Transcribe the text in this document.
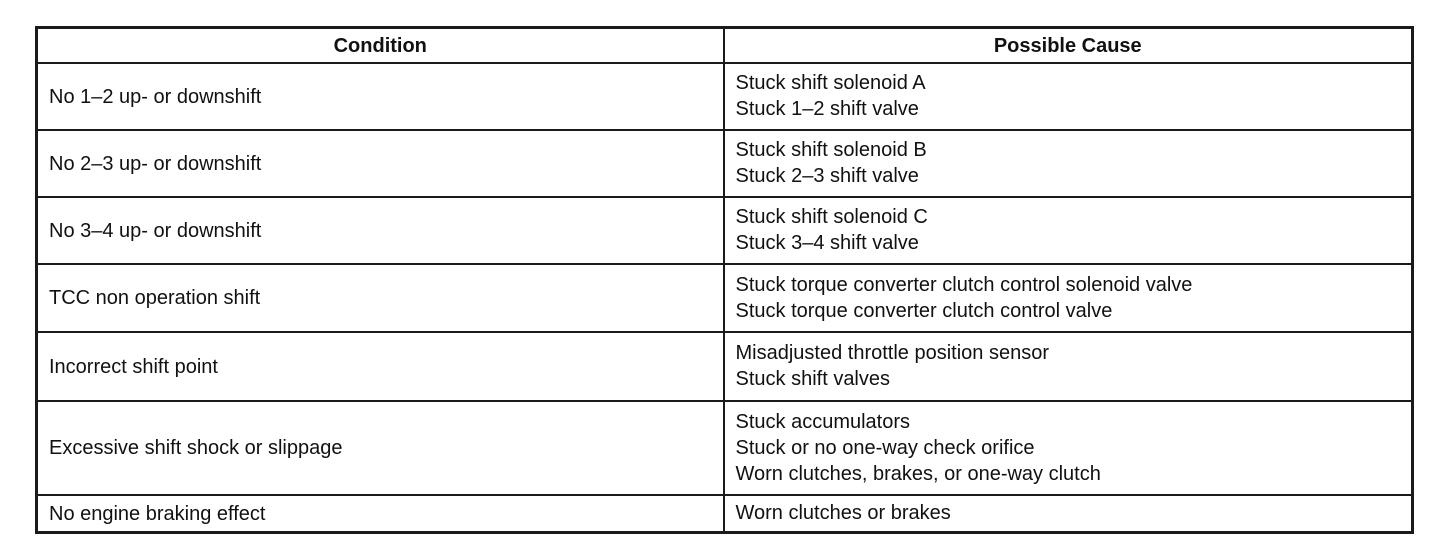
Condition	Possible Cause
No 1–2 up- or downshift	Stuck shift solenoid A
Stuck 1–2 shift valve

No 2–3 up- or downshift	Stuck shift solenoid B
Stuck 2–3 shift valve

No 3–4 up- or downshift	Stuck shift solenoid C
Stuck 3–4 shift valve

TCC non operation shift	Stuck torque converter clutch control solenoid valve
Stuck torque converter clutch control valve

Incorrect shift point	Misadjusted throttle position sensor
Stuck shift valves

Excessive shift shock or slippage	Stuck accumulators
Stuck or no one-way check orifice
Worn clutches, brakes, or one-way clutch

No engine braking effect	Worn clutches or brakes
